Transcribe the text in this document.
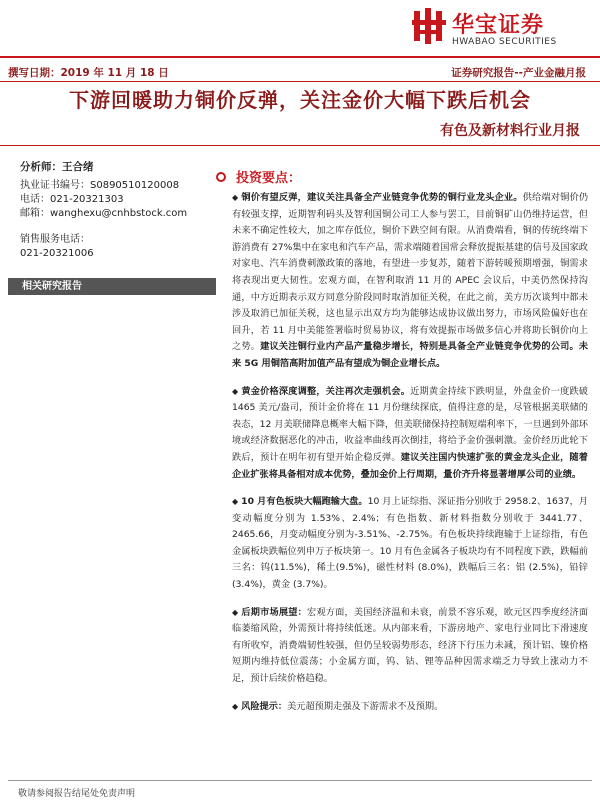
华宝证券
HWABAO SECURITIES
撰写日期：2019 年 11 月 18 日	证券研究报告--产业金融月报
下游回暖助力铜价反弹，关注金价大幅下跌后机会
有色及新材料行业月报
分析师：王合绪
执业证书编号：S0890510120008
电话：021-20321303
邮箱：wanghexu@cnhbstock.com
销售服务电话：
021-20321006
相关研究报告
投资要点：
◆ 铜价有望反弹，建议关注具备全产业链竞争优势的铜行业龙头企业。供给端对铜价仍有较强支撑，近期智利码头及智利国铜公司工人参与罢工，目前铜矿山仍维持运营，但未来不确定性较大，加之库存低位，铜价下跌空间有限。从消费端看，铜的传统终端下游消费有 27%集中在家电和汽车产品，需求端随着国常会释放提振基建的信号及国家政对家电、汽车消费刺激政策的落地，有望进一步复苏，随着下游转暖预期增强，铜需求将表现出更大韧性。宏观方面，在智利取消 11 月的 APEC 会议后，中美仍然保持沟通，中方近期表示双方同意分阶段同时取消加征关税，在此之前，美方历次谈判中都未涉及取消已加征关税，这也显示出双方均为能够达成协议做出努力，市场风险偏好也在回升，若 11 月中美能签署临时贸易协议，将有效提振市场做多信心并将助长铜价向上之势。建议关注铜行业内产品产量稳步增长，特别是具备全产业链竞争优势的公司。未来 5G 用铜箔高附加值产品有望成为铜企业增长点。
◆ 黄金价格深度调整，关注再次走强机会。近期黄金持续下跌明显，外盘金价一度跌破 1465 美元/盎司，预计金价将在 11 月份继续探底，值得注意的是，尽管根据美联储的表态，12 月美联储降息概率大幅下降，但美联储保持控制短端利率下，一旦遇到外部环境或经济数据恶化的冲击，收益率曲线再次倒挂，将给予金价强刺激。金价经历此轮下跌后，预计在明年初有望开始企稳反弹。建议关注国内快速扩张的黄金龙头企业，随着企业扩张将具备相对成本优势，叠加金价上行周期，量价齐升将显著增厚公司的业绩。
◆ 10 月有色板块大幅跑输大盘。10 月上证综指、深证指分别收于 2958.2、1637，月变动幅度分别为 1.53%、2.4%；有色指数、新材料指数分别收于 3441.77、2465.66，月变动幅度分别为-3.51%、-2.75%。有色板块持续跑输于上证综指，有色金属板块跌幅位列申万子板块第一。10 月有色金属各子板块均有不同程度下跌，跌幅前三名：钨(11.5%)，稀土(9.5%)，磁性材料 (8.0%)，跌幅后三名：铝 (2.5%)，铅锌 (3.4%)，黄金 (3.7%)。
◆ 后期市场展望：宏观方面，美国经济温和未衰，前景不容乐观，欧元区四季度经济面临萎缩风险，外需预计将持续低迷。从内部来看，下游房地产、家电行业同比下滑速度有所收窄，消费端韧性较强，但仍呈较弱势形态，经济下行压力未减，预计铝、镍价格短期内维持低位震荡；小金属方面，钨、钴、锂等品种因需求端乏力导致上涨动力不足，预计后续价格趋稳。
◆ 风险提示：美元超预期走强及下游需求不及预期。
敬请参阅报告结尾处免责声明
